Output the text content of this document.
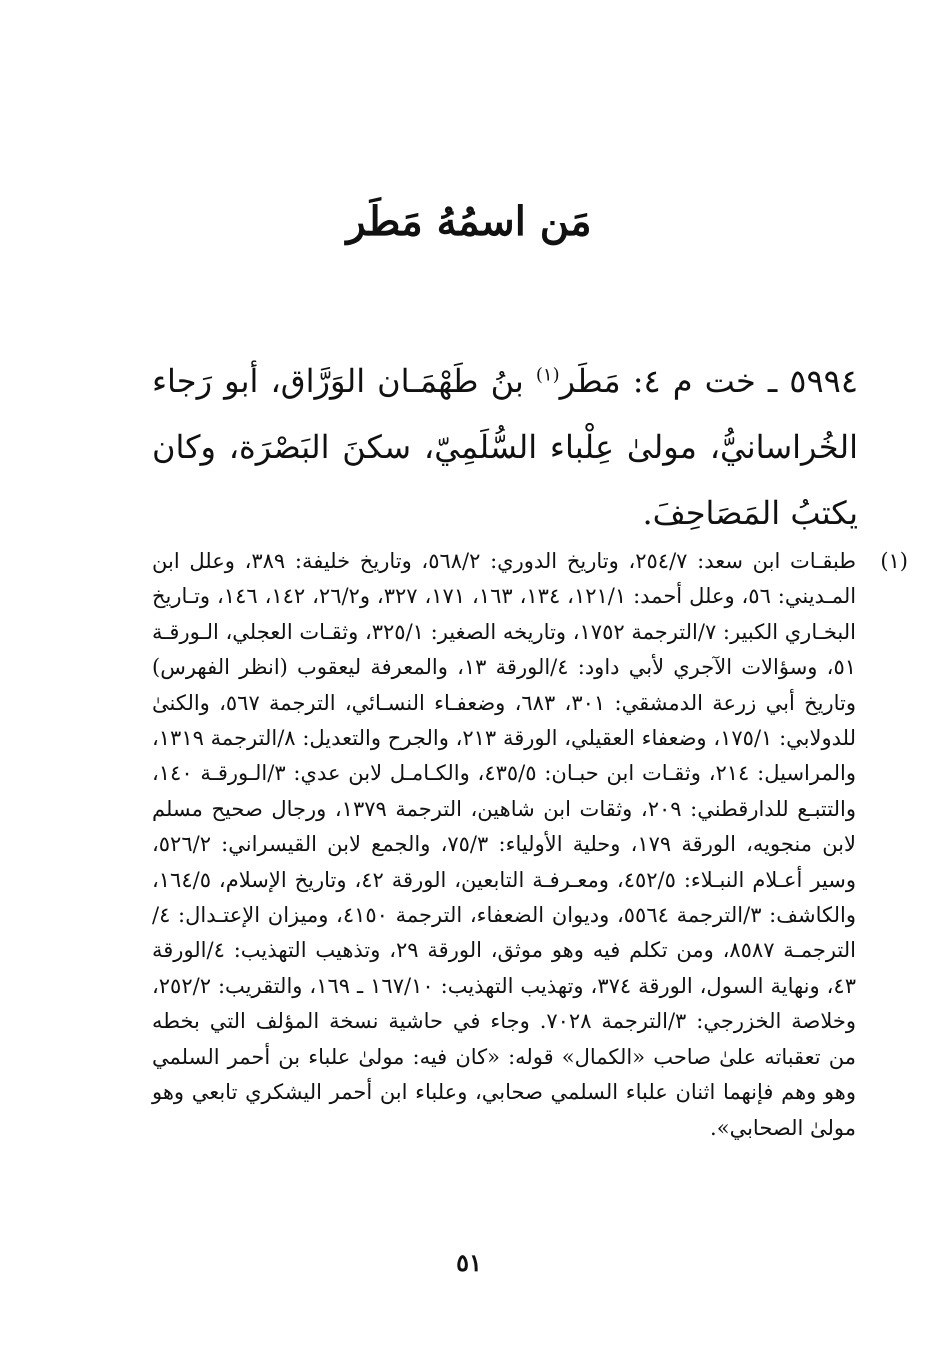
مَن اسمُهُ مَطَر
٥٩٩٤ ـ خت م ٤: مَطَر$^{(١)}$ بنُ طَهْمَـان الوَرَّاق، أبو رَجاء الخُراسانيُّ، مولىٰ عِلْباء السُّلَمِيّ، سكنَ البَصْرَة، وكان يكتبُ المَصَاحِفَ.
(١)
طبقـات ابن سعد: ٢٥٤/٧، وتاريخ الدوري: ٥٦٨/٢، وتاريخ خليفة: ٣٨٩، وعلل ابن المـديني: ٥٦، وعلل أحمد: ١٢١/١، ١٣٤، ١٦٣، ١٧١، ٣٢٧، و٢٦/٢، ١٤٢، ١٤٦، وتـاريخ البخـاري الكبير: ٧/الترجمة ١٧٥٢، وتاريخه الصغير: ٣٢٥/١، وثقـات العجلي، الـورقـة ٥١، وسؤالات الآجري لأبي داود: ٤/الورقة ١٣، والمعرفة ليعقوب (انظر الفهرس) وتاريخ أبي زرعة الدمشقي: ٣٠١، ٦٨٣، وضعفـاء النسـائي، الترجمة ٥٦٧، والكنىٰ للدولابي: ١٧٥/١، وضعفاء العقيلي، الورقة ٢١٣، والجرح والتعديل: ٨/الترجمة ١٣١٩، والمراسيل: ٢١٤، وثقـات ابن حبـان: ٤٣٥/٥، والكـامـل لابن عدي: ٣/الـورقـة ١٤٠، والتتبـع للدارقطني: ٢٠٩، وثقات ابن شاهين، الترجمة ١٣٧٩، ورجال صحيح مسلم لابن منجويه، الورقة ١٧٩، وحلية الأولياء: ٧٥/٣، والجمع لابن القيسراني: ٥٢٦/٢، وسير أعـلام النبـلاء: ٤٥٢/٥، ومعـرفـة التابعين، الورقة ٤٢، وتاريخ الإسلام، ١٦٤/٥، والكاشف: ٣/الترجمة ٥٥٦٤، وديوان الضعفاء، الترجمة ٤١٥٠، وميزان الإعتـدال: ٤/الترجمـة ٨٥٨٧، ومن تكلم فيه وهو موثق، الورقة ٢٩، وتذهيب التهذيب: ٤/الورقة ٤٣، ونهاية السول، الورقة ٣٧٤، وتهذيب التهذيب: ١٦٧/١٠ ـ ١٦٩، والتقريب: ٢٥٢/٢، وخلاصة الخزرجي: ٣/الترجمة ٧٠٢٨. وجاء في حاشية نسخة المؤلف التي بخطه من تعقباته علىٰ صاحب «الكمال» قوله: «كان فيه: مولىٰ علباء بن أحمر السلمي وهو وهم فإنهما اثنان علباء السلمي صحابي، وعلباء ابن أحمر اليشكري تابعي وهو مولىٰ الصحابي».
٥١
